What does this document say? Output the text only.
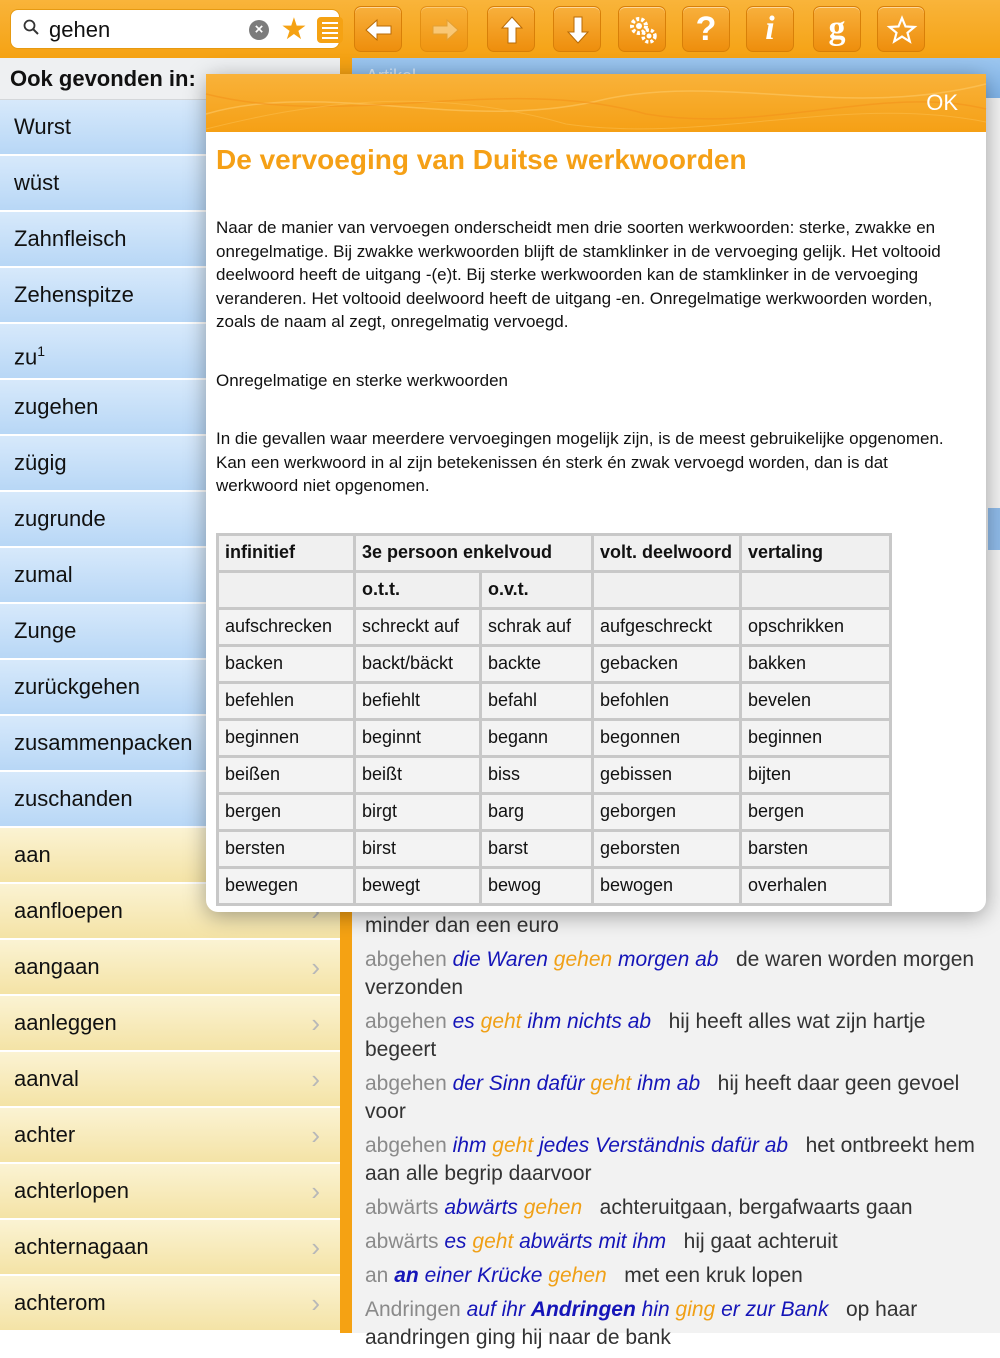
gehen
× ★	?	i	g
Ook gevonden in:
Wurst
wüst
Zahnfleisch
Zehenspitze
$zu^1$
zugehen
zügig
zugrunde
zumal
Zunge
zurückgehen
zusammenpacken
zuschanden
aan
aanfloepen
aangaan	›
aanleggen	›
aanval	›
achter	›
achterlopen	›
achternagaan	›
achterom	›
minder dan een euro
abgehen die Waren gehen morgen ab de waren worden morgen verzonden
abgehen es geht ihm nichts ab hij heeft alles wat zijn hartje begeert
abgehen der Sinn dafür geht ihm ab hij heeft daar geen gevoel voor
abgehen ihm geht jedes Verständnis dafür ab het ontbreekt hem aan alle begrip daarvoor
abwärts abwärts gehen achteruitgaan, bergafwaarts gaan
abwärts es geht abwärts mit ihm hij gaat achteruit
an an einer Krücke gehen met een kruk lopen
Andringen auf ihr Andringen hin ging er zur Bank op haar aandringen ging hij naar de bank
OK
De vervoeging van Duitse werkwoorden
Naar de manier van vervoegen onderscheidt men drie soorten werkwoorden: sterke, zwakke en onregelmatige. Bij zwakke werkwoorden blijft de stamklinker in de vervoeging gelijk. Het voltooid deelwoord heeft de uitgang -(e)t. Bij sterke werkwoorden kan de stamklinker in de vervoeging veranderen. Het voltooid deelwoord heeft de uitgang -en. Onregelmatige werkwoorden worden, zoals de naam al zegt, onregelmatig vervoegd.
Onregelmatige en sterke werkwoorden
In die gevallen waar meerdere vervoegingen mogelijk zijn, is de meest gebruikelijke opgenomen. Kan een werkwoord in al zijn betekenissen én sterk én zwak vervoegd worden, dan is dat werkwoord niet opgenomen.
infinitief	3e persoon enkelvoud		volt. deelwoord	vertaling
	o.t.t.	o.v.t.		
aufschrecken	schreckt auf	schrak auf	aufgeschreckt	opschrikken
backen	backt/bäckt	backte	gebacken	bakken
befehlen	befiehlt	befahl	befohlen	bevelen
beginnen	beginnt	begann	begonnen	beginnen
beißen	beißt	biss	gebissen	bijten
bergen	birgt	barg	geborgen	bergen
bersten	birst	barst	geborsten	barsten
bewegen	bewegt	bewog	bewogen	overhalen
